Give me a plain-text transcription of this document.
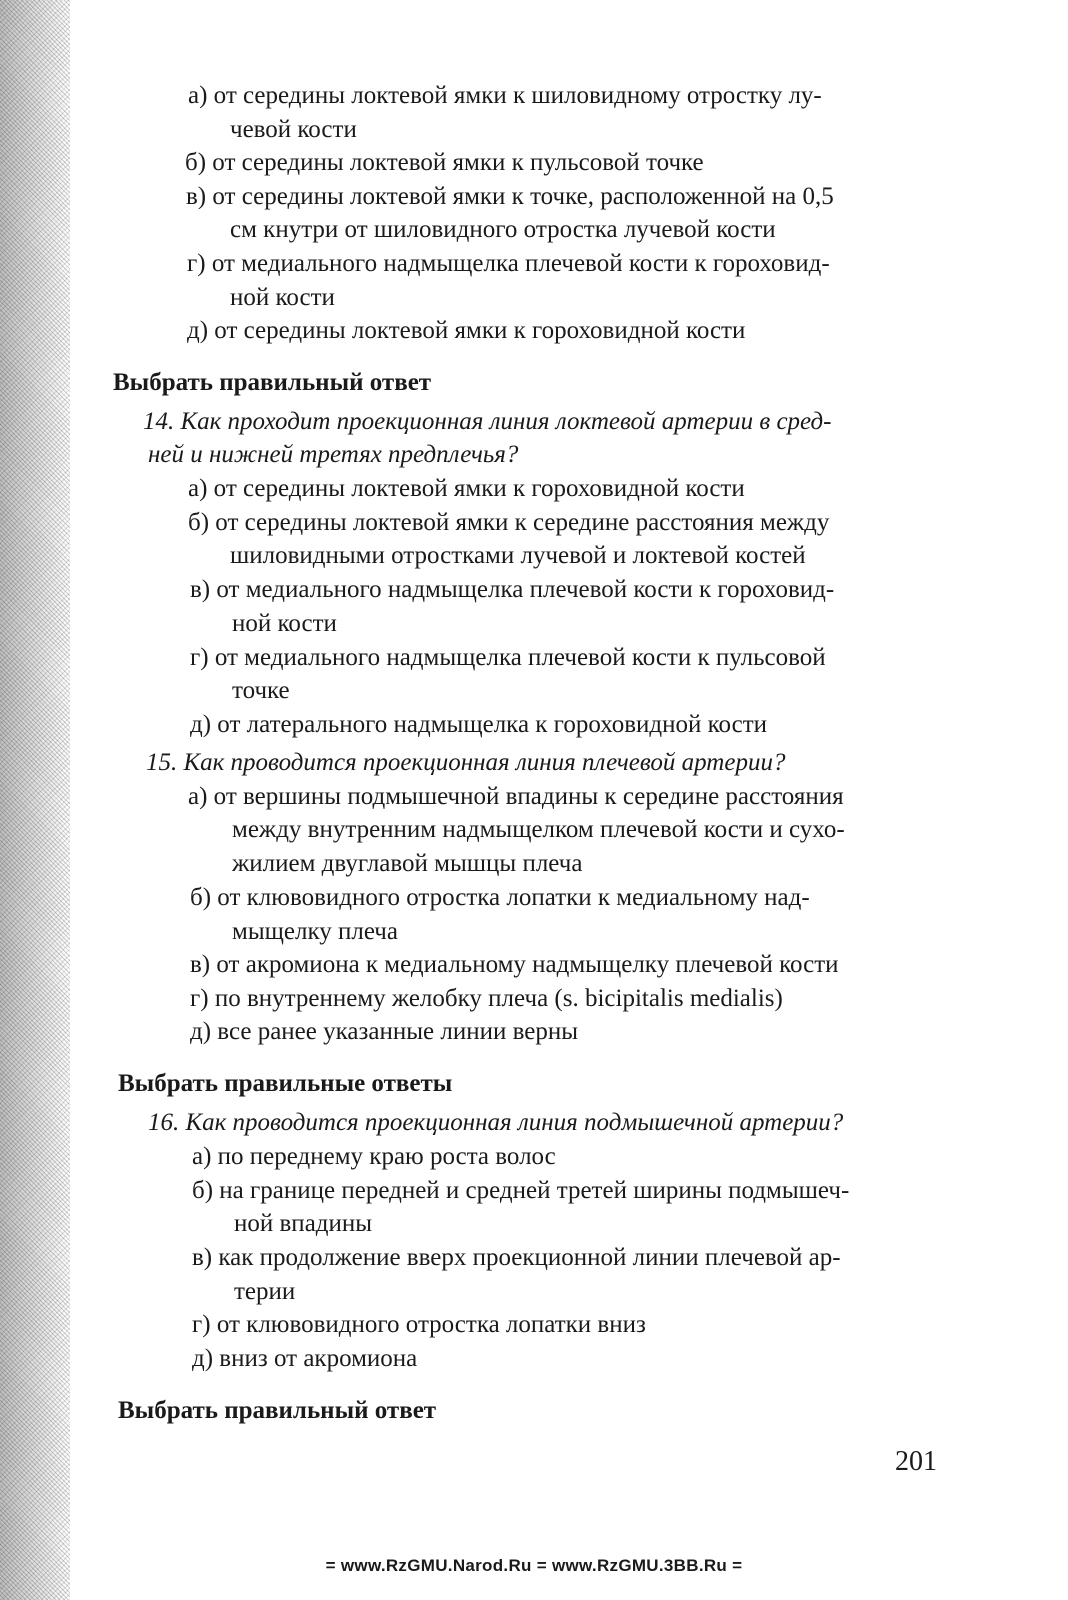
а) от середины локтевой ямки к шиловидному отростку лу-
чевой кости
б) от середины локтевой ямки к пульсовой точке
в) от середины локтевой ямки к точке, расположенной на 0,5
см кнутри от шиловидного отростка лучевой кости
г) от медиального надмыщелка плечевой кости к гороховид-
ной кости
д) от середины локтевой ямки к гороховидной кости
Выбрать правильный ответ
14. Как проходит проекционная линия локтевой артерии в сред-
ней и нижней третях предплечья?
а) от середины локтевой ямки к гороховидной кости
б) от середины локтевой ямки к середине расстояния между
шиловидными отростками лучевой и локтевой костей
в) от медиального надмыщелка плечевой кости к гороховид-
ной кости
г) от медиального надмыщелка плечевой кости к пульсовой
точке
д) от латерального надмыщелка к гороховидной кости
15. Как проводится проекционная линия плечевой артерии?
а) от вершины подмышечной впадины к середине расстояния
между внутренним надмыщелком плечевой кости и сухо-
жилием двуглавой мышцы плеча
б) от клювовидного отростка лопатки к медиальному над-
мыщелку плеча
в) от акромиона к медиальному надмыщелку плечевой кости
г) по внутреннему желобку плеча (s. bicipitalis medialis)
д) все ранее указанные линии верны
Выбрать правильные ответы
16. Как проводится проекционная линия подмышечной артерии?
а) по переднему краю роста волос
б) на границе передней и средней третей ширины подмышеч-
ной впадины
в) как продолжение вверх проекционной линии плечевой ар-
терии
г) от клювовидного отростка лопатки вниз
д) вниз от акромиона
Выбрать правильный ответ
201
= www.RzGMU.Narod.Ru = www.RzGMU.3BB.Ru =
